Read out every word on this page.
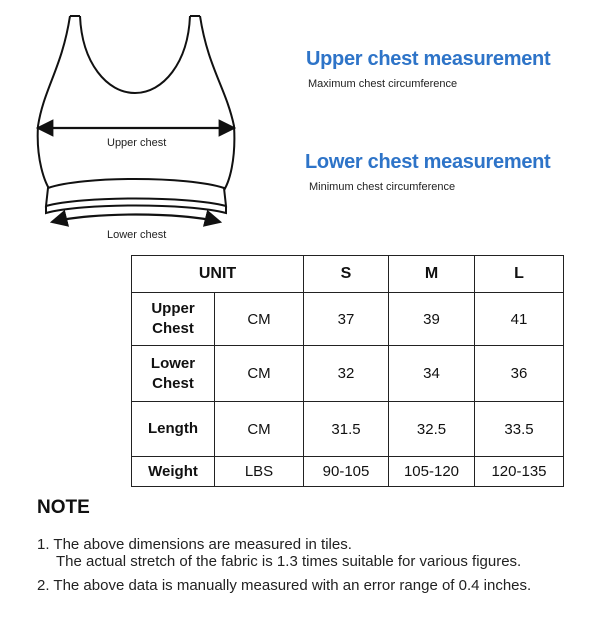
Upper chest
Lower chest
Upper chest measurement
Maximum chest circumference
Lower chest measurement
Minimum chest circumference
UNIT		S	M	L
Upper
Chest	CM	37	39	41
Lower
Chest	CM	32	34	36
Length	CM	31.5	32.5	33.5
Weight	LBS	90-105	105-120	120-135
NOTE
1. The above dimensions are measured in tiles.
The actual stretch of the fabric is 1.3 times suitable for various figures.
2. The above data is manually measured with an error range of 0.4 inches.
